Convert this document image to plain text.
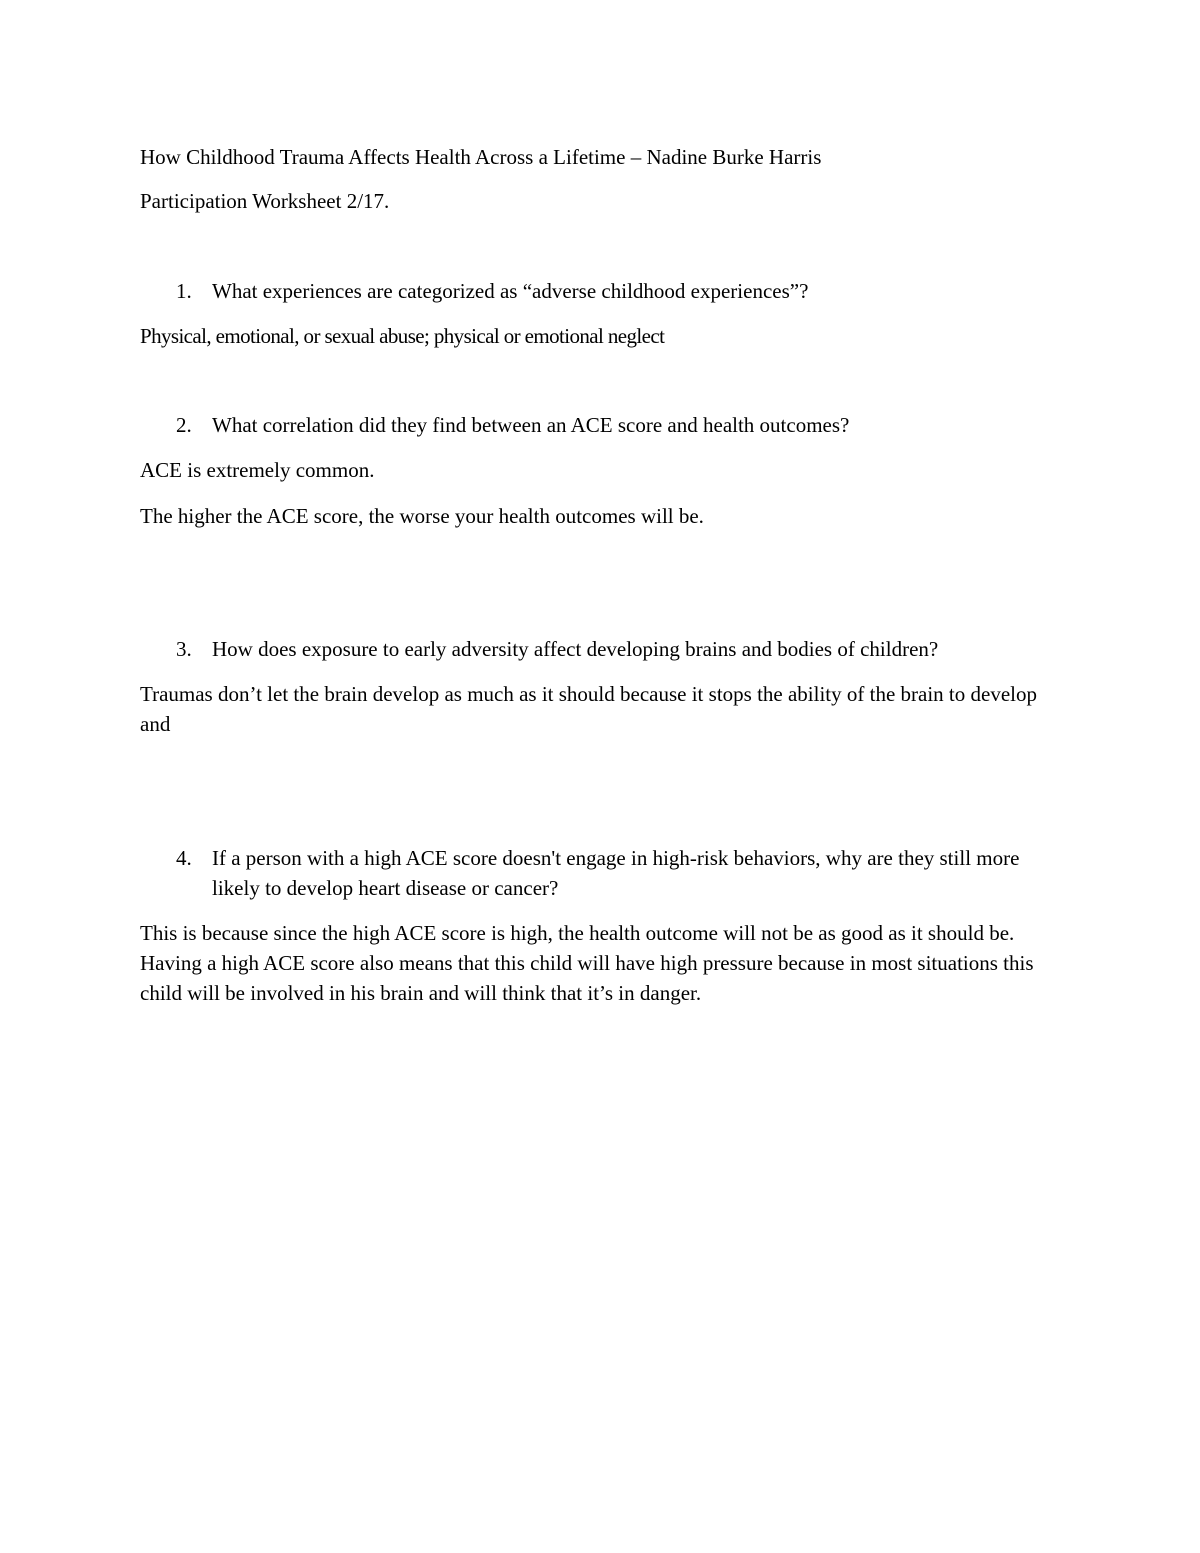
How Childhood Trauma Affects Health Across a Lifetime – Nadine Burke Harris
Participation Worksheet 2/17.
1. What experiences are categorized as “adverse childhood experiences”?
Physical, emotional, or sexual abuse; physical or emotional neglect
2. What correlation did they find between an ACE score and health outcomes?
ACE is extremely common.
The higher the ACE score, the worse your health outcomes will be.
3. How does exposure to early adversity affect developing brains and bodies of children?
Traumas don’t let the brain develop as much as it should because it stops the ability of the brain to develop and
4. If a person with a high ACE score doesn't engage in high-risk behaviors, why are they still more likely to develop heart disease or cancer?
This is because since the high ACE score is high, the health outcome will not be as good as it should be. Having a high ACE score also means that this child will have high pressure because in most situations this child will be involved in his brain and will think that it’s in danger.
